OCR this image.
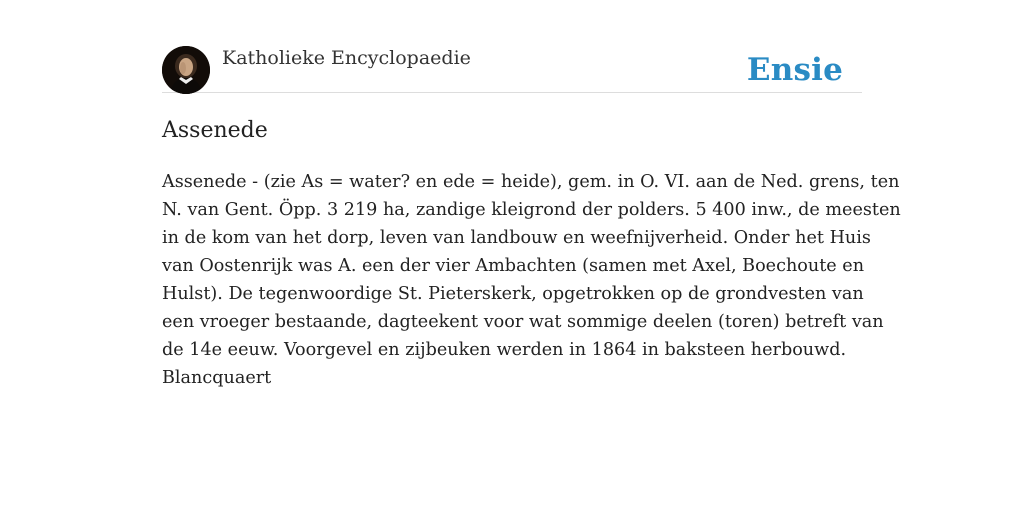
Katholieke Encyclopaedie	Ensie
Assenede

Assenede - (zie As = water? en ede = heide), gem. in O. VI. aan de Ned. grens, ten
N. van Gent. Öpp. 3 219 ha, zandige kleigrond der polders. 5 400 inw., de meesten
in de kom van het dorp, leven van landbouw en weefnijverheid. Onder het Huis
van Oostenrijk was A. een der vier Ambachten (samen met Axel, Boechoute en
Hulst). De tegenwoordige St. Pieterskerk, opgetrokken op de grondvesten van
een vroeger bestaande, dagteekent voor wat sommige deelen (toren) betreft van
de 14e eeuw. Voorgevel en zijbeuken werden in 1864 in baksteen herbouwd.
Blancquaert
